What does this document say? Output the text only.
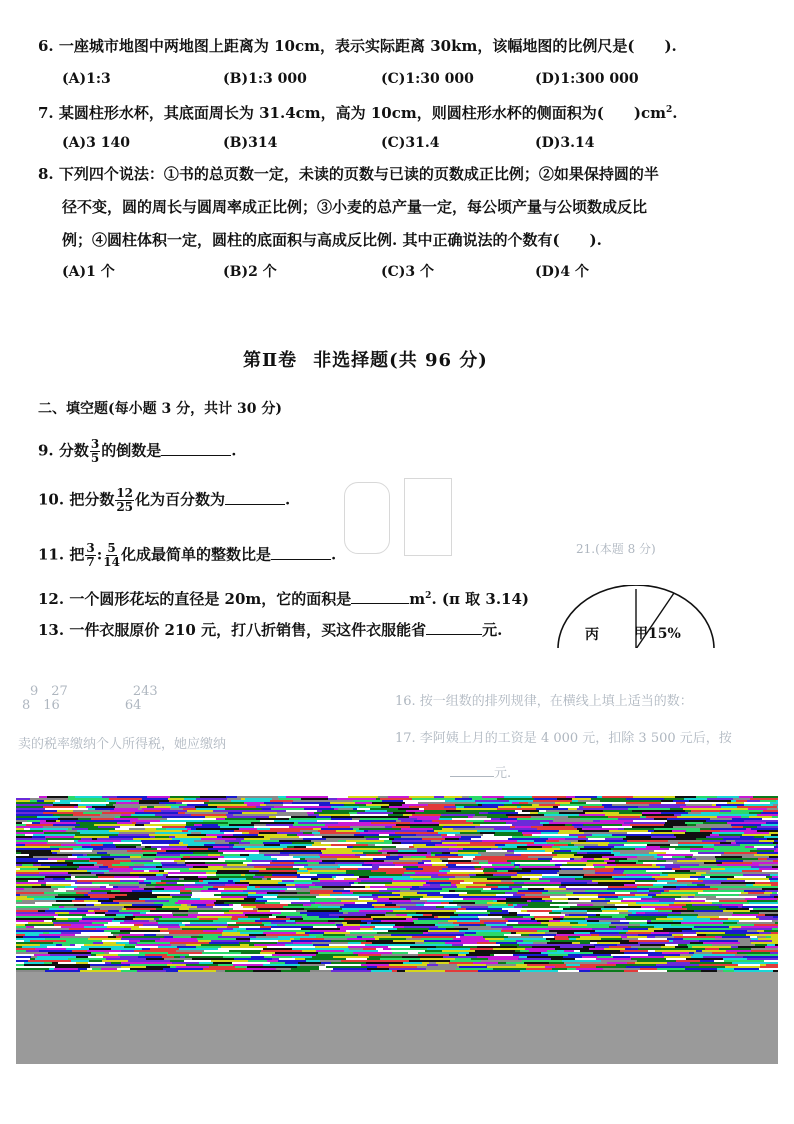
6. 一座城市地图中两地图上距离为 10cm，表示实际距离 30km，该幅地图的比例尺是(　　).
(A)1:3	(B)1:3 000	(C)1:30 000	(D)1:300 000
7. 某圆柱形水杯，其底面周长为 31.4cm，高为 10cm，则圆柱形水杯的侧面积为(　　)$cm^2$.
(A)3 140	(B)314	(C)31.4	(D)3.14
8. 下列四个说法：①书的总页数一定，未读的页数与已读的页数成正比例；②如果保持圆的半
径不变，圆的周长与圆周率成正比例；③小麦的总产量一定，每公顷产量与公顷数成反比
例；④圆柱体积一定，圆柱的底面积与高成反比例. 其中正确说法的个数有(　　).
(A)1 个	(B)2 个	(C)3 个	(D)4 个
第Ⅱ卷 非选择题(共 96 分)
二、填空题(每小题 3 分，共计 30 分)
9. 分数 $\frac{3}{5}$ 的倒数是	.
10. 把分数 $\frac{12}{25}$ 化为百分数为	.
11. 把 $\frac{3}{7}$ : $\frac{5}{14}$ 化成最简单的整数比是	.
12. 一个圆形花坛的直径是 20m，它的面积是	$m^2$. (π 取 3.14)
13. 一件衣服原价 210 元，打八折销售，买这件衣服能省	元.	丙	甲15%
21.(本题 8 分)
9　27　　　　　243
8　16　　　　　64
卖的税率缴纳个人所得税，她应缴纳
16. 按一组数的排列规律，在横线上填上适当的数：
17. 李阿姨上月的工资是 4 000 元，扣除 3 500 元后，按
元.
